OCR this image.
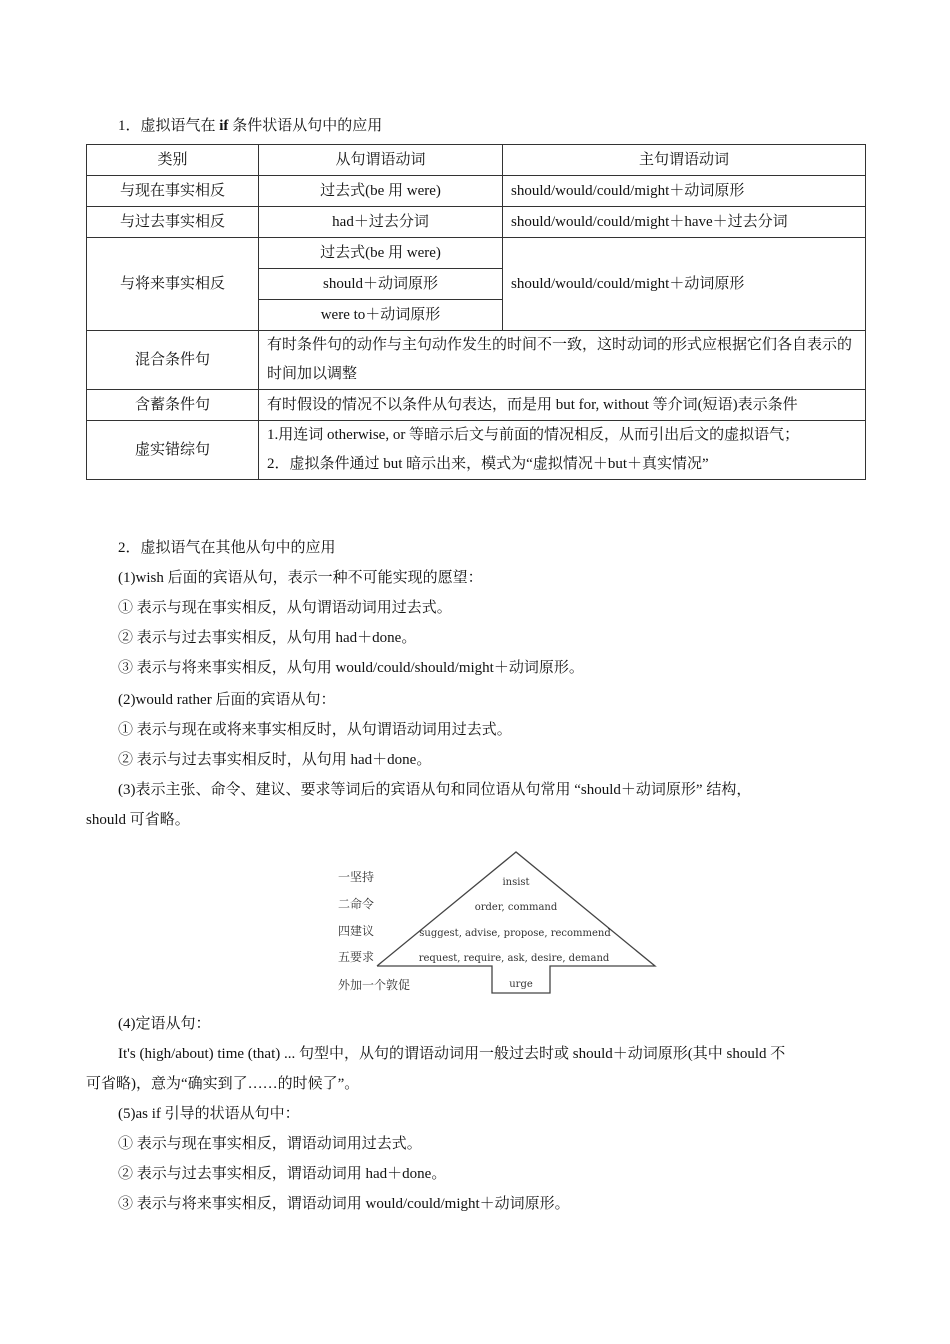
1．虚拟语气在 if 条件状语从句中的应用
类别	从句谓语动词	主句谓语动词
与现在事实相反	过去式(be 用 were)	should/would/could/might＋动词原形
与过去事实相反	had＋过去分词	should/would/could/might＋have＋过去分词
与将来事实相反	过去式(be 用 were)	should/would/could/might＋动词原形
	should＋动词原形	
	were to＋动词原形	
混合条件句	有时条件句的动作与主句动作发生的时间不一致，这时动词的形式应根据它们各自表示的时间加以调整	
含蓄条件句	有时假设的情况不以条件从句表达，而是用 but for, without 等介词(短语)表示条件	
虚实错综句	1.用连词 otherwise, or 等暗示后文与前面的情况相反，从而引出后文的虚拟语气；
2．虚拟条件通过 but 暗示出来，模式为“虚拟情况＋but＋真实情况”	
2．虚拟语气在其他从句中的应用
(1)wish 后面的宾语从句，表示一种不可能实现的愿望：
① 表示与现在事实相反，从句谓语动词用过去式。
② 表示与过去事实相反，从句用 had＋done。
③ 表示与将来事实相反，从句用 would/could/should/might＋动词原形。
(2)would rather 后面的宾语从句：
① 表示与现在或将来事实相反时，从句谓语动词用过去式。
② 表示与过去事实相反时，从句用 had＋done。
(3)表示主张、命令、建议、要求等词后的宾语从句和同位语从句常用 “should＋动词原形” 结构，
should 可省略。
一坚持
二命令
四建议
五要求
外加一个敦促
insist
order, command
suggest, advise, propose, recommend
request, require, ask, desire, demand
urge
(4)定语从句：
It's (high/about) time (that) ... 句型中，从句的谓语动词用一般过去时或 should＋动词原形(其中 should 不
可省略)，意为“确实到了……的时候了”。
(5)as if 引导的状语从句中：
① 表示与现在事实相反，谓语动词用过去式。
② 表示与过去事实相反，谓语动词用 had＋done。
③ 表示与将来事实相反，谓语动词用 would/could/might＋动词原形。
